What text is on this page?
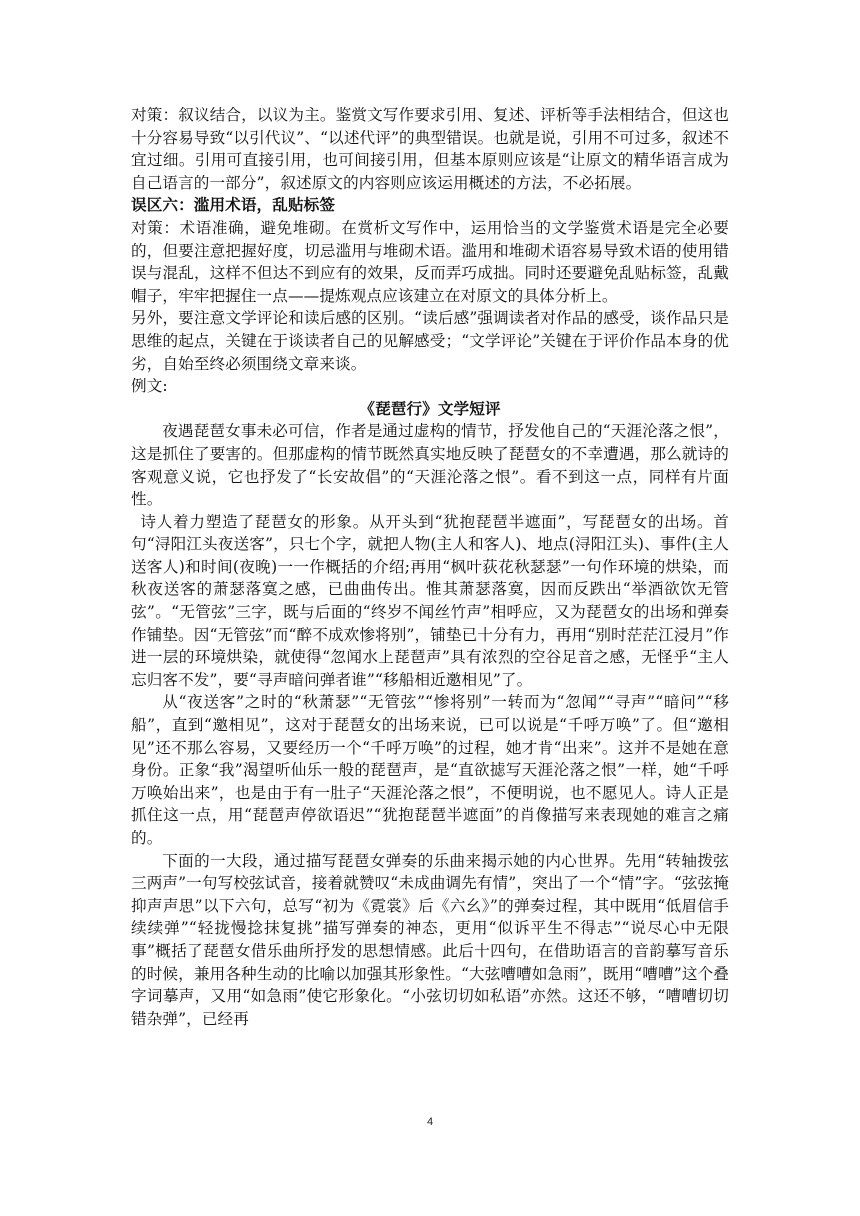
对策：叙议结合，以议为主。鉴赏文写作要求引用、复述、评析等手法相结合，但这也十分容易导致“以引代议”、“以述代评”的典型错误。也就是说，引用不可过多，叙述不宜过细。引用可直接引用，也可间接引用，但基本原则应该是“让原文的精华语言成为自己语言的一部分”，叙述原文的内容则应该运用概述的方法，不必拓展。

误区六：滥用术语，乱贴标签

对策：术语准确，避免堆砌。在赏析文写作中，运用恰当的文学鉴赏术语是完全必要的，但要注意把握好度，切忌滥用与堆砌术语。滥用和堆砌术语容易导致术语的使用错误与混乱，这样不但达不到应有的效果，反而弄巧成拙。同时还要避免乱贴标签，乱戴帽子，牢牢把握住一点——提炼观点应该建立在对原文的具体分析上。

另外，要注意文学评论和读后感的区别。“读后感”强调读者对作品的感受，谈作品只是思维的起点，关键在于谈读者自己的见解感受；“文学评论”关键在于评价作品本身的优劣，自始至终必须围绕文章来谈。

例文:

《琵琶行》文学短评

夜遇琵琶女事未必可信，作者是通过虚构的情节，抒发他自己的“天涯沦落之恨”，这是抓住了要害的。但那虚构的情节既然真实地反映了琵琶女的不幸遭遇，那么就诗的客观意义说，它也抒发了“长安故倡”的“天涯沦落之恨”。看不到这一点，同样有片面性。

诗人着力塑造了琵琶女的形象。从开头到“犹抱琵琶半遮面”，写琵琶女的出场。首句“浔阳江头夜送客”，只七个字，就把人物(主人和客人)、地点(浔阳江头)、事件(主人送客人)和时间(夜晚)一一作概括的介绍;再用“枫叶荻花秋瑟瑟”一句作环境的烘染，而秋夜送客的萧瑟落寞之感，已曲曲传出。惟其萧瑟落寞，因而反跌出“举酒欲饮无管弦”。“无管弦”三字，既与后面的“终岁不闻丝竹声”相呼应，又为琵琶女的出场和弹奏作铺垫。因“无管弦”而“醉不成欢惨将别”，铺垫已十分有力，再用“别时茫茫江浸月”作进一层的环境烘染，就使得“忽闻水上琵琶声”具有浓烈的空谷足音之感，无怪乎“主人忘归客不发”，要“寻声暗问弹者谁”“移船相近邀相见”了。

从“夜送客”之时的“秋萧瑟”“无管弦”“惨将别”一转而为“忽闻”“寻声”“暗问”“移船”，直到“邀相见”，这对于琵琶女的出场来说，已可以说是“千呼万唤”了。但“邀相见”还不那么容易，又要经历一个“千呼万唤”的过程，她才肯“出来”。这并不是她在意身份。正象“我”渴望听仙乐一般的琵琶声，是“直欲摅写天涯沦落之恨”一样，她“千呼万唤始出来”，也是由于有一肚子“天涯沦落之恨”，不便明说，也不愿见人。诗人正是抓住这一点，用“琵琶声停欲语迟”“犹抱琵琶半遮面”的肖像描写来表现她的难言之痛的。

下面的一大段，通过描写琵琶女弹奏的乐曲来揭示她的内心世界。先用“转轴拨弦三两声”一句写校弦试音，接着就赞叹“未成曲调先有情”，突出了一个“情”字。“弦弦掩抑声声思”以下六句，总写“初为《霓裳》后《六幺》”的弹奏过程，其中既用“低眉信手续续弹”“轻拢慢捻抹复挑”描写弹奏的神态，更用“似诉平生不得志”“说尽心中无限事”概括了琵琶女借乐曲所抒发的思想情感。此后十四句，在借助语言的音韵摹写音乐的时候，兼用各种生动的比喻以加强其形象性。“大弦嘈嘈如急雨”，既用“嘈嘈”这个叠字词摹声，又用“如急雨”使它形象化。“小弦切切如私语”亦然。这还不够，“嘈嘈切切错杂弹”，已经再

4
